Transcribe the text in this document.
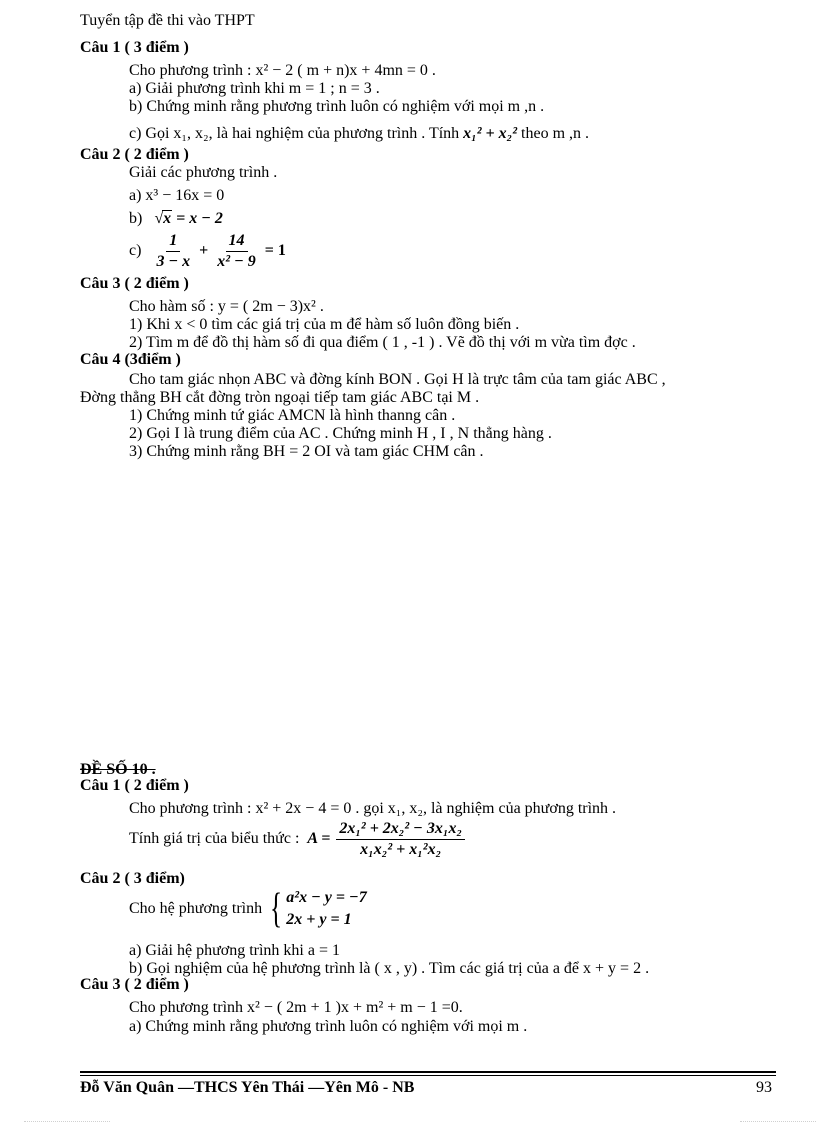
Tuyển tập đề thi vào THPT
Câu 1 ( 3 điểm )
Cho phương trình : x² − 2 ( m + n)x + 4mn = 0 .
a) Giải phương trình khi m = 1 ; n = 3 .
b) Chứng minh rằng phương trình luôn có nghiệm với mọi m ,n .
c) Gọi x₁, x₂, là hai nghiệm của phương trình . Tính x₁² + x₂² theo m ,n .
Câu 2 ( 2 điểm )
Giải các phương trình .
a) x³ − 16x = 0
b) √x = x − 2
$c) \frac{1}{3 - x} + \frac{14}{\text{x² − 9}} = 1$
Câu 3 ( 2 điểm )
Cho hàm số : y = ( 2m − 3)x² .
1) Khi x < 0 tìm các giá trị của m để hàm số luôn đồng biến .
2) Tìm m để đồ thị hàm số đi qua điểm ( 1 , -1 ) . Vẽ đồ thị với m vừa tìm đợc .
Câu 4 (3điểm )
Cho tam giác nhọn ABC và đờng kính BON . Gọi H là trực tâm của tam giác ABC ,
Đờng thẳng BH cắt đờng tròn ngoại tiếp tam giác ABC tại M .
1) Chứng minh tứ giác AMCN là hình thanng cân .
2) Gọi I là trung điểm của AC . Chứng minh H , I , N thẳng hàng .
3) Chứng minh rằng BH = 2 OI và tam giác CHM cân .
ĐỀ SỐ 10 .
Câu 1 ( 2 điểm )
Cho phương trình : x² + 2x − 4 = 0 . gọi x₁, x₂, là nghiệm của phương trình .
Tính giá trị của biểu thức : $A = \frac{\text{2x₁² + 2x₂² − 3x₁x₂}}{\text{x₁x₂² + x₁²x₂}}$
Câu 2 ( 3 điểm)
Cho hệ phương trình { a²x − y = −7
2x + y = 1
a) Giải hệ phương trình khi a = 1
b) Gọi nghiệm của hệ phương trình là ( x , y) . Tìm các giá trị của a để x + y = 2 .
Câu 3 ( 2 điểm )
Cho phương trình x² − ( 2m + 1 )x + m² + m − 1 =0.
a) Chứng minh rằng phương trình luôn có nghiệm với mọi m .
Đỗ Văn Quân —THCS Yên Thái —Yên Mô - NB	93
